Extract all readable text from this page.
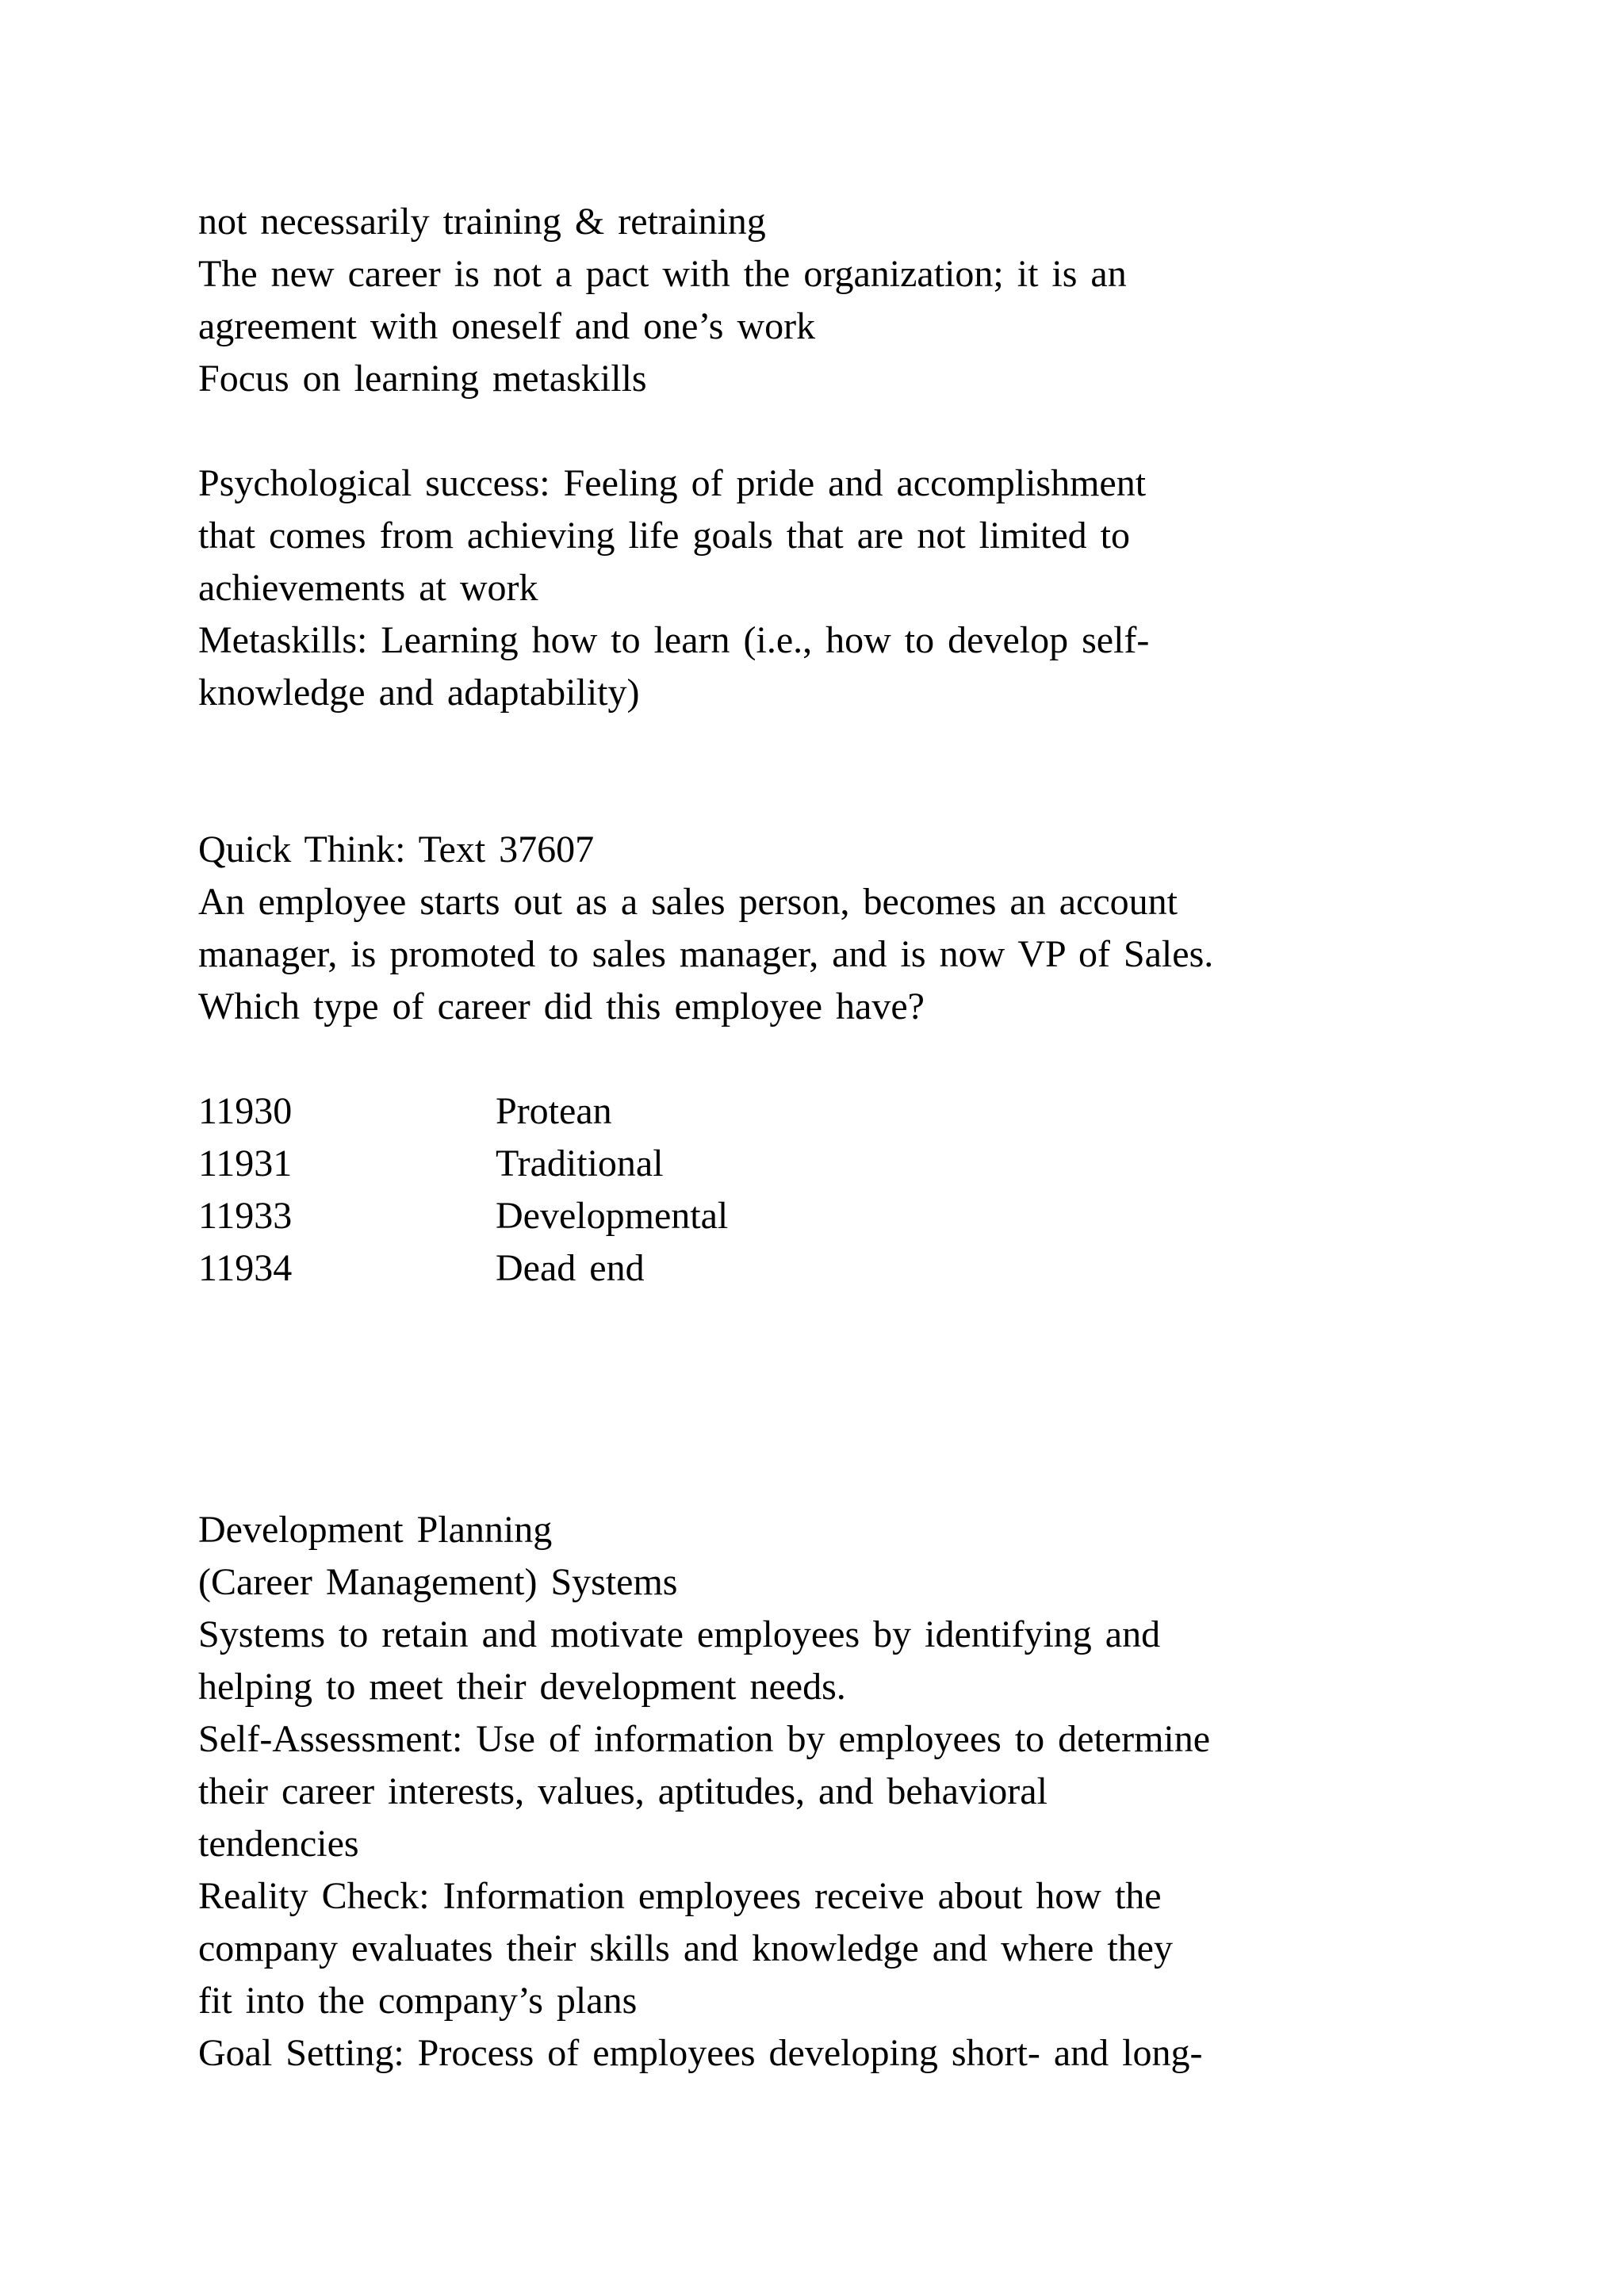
not necessarily training & retraining
The new career is not a pact with the organization; it is an
agreement with oneself and one’s work
Focus on learning metaskills
Psychological success: Feeling of pride and accomplishment
that comes from achieving life goals that are not limited to
achievements at work
Metaskills: Learning how to learn (i.e., how to develop self-
knowledge and adaptability)
Quick Think: Text 37607
An employee starts out as a sales person, becomes an account
manager, is promoted to sales manager, and is now VP of Sales.
Which type of career did this employee have?
11930	Protean
11931	Traditional
11933	Developmental
11934	Dead end
Development Planning
(Career Management) Systems
Systems to retain and motivate employees by identifying and
helping to meet their development needs.
Self-Assessment: Use of information by employees to determine
their career interests, values, aptitudes, and behavioral
tendencies
Reality Check: Information employees receive about how the
company evaluates their skills and knowledge and where they
fit into the company’s plans
Goal Setting: Process of employees developing short- and long-
